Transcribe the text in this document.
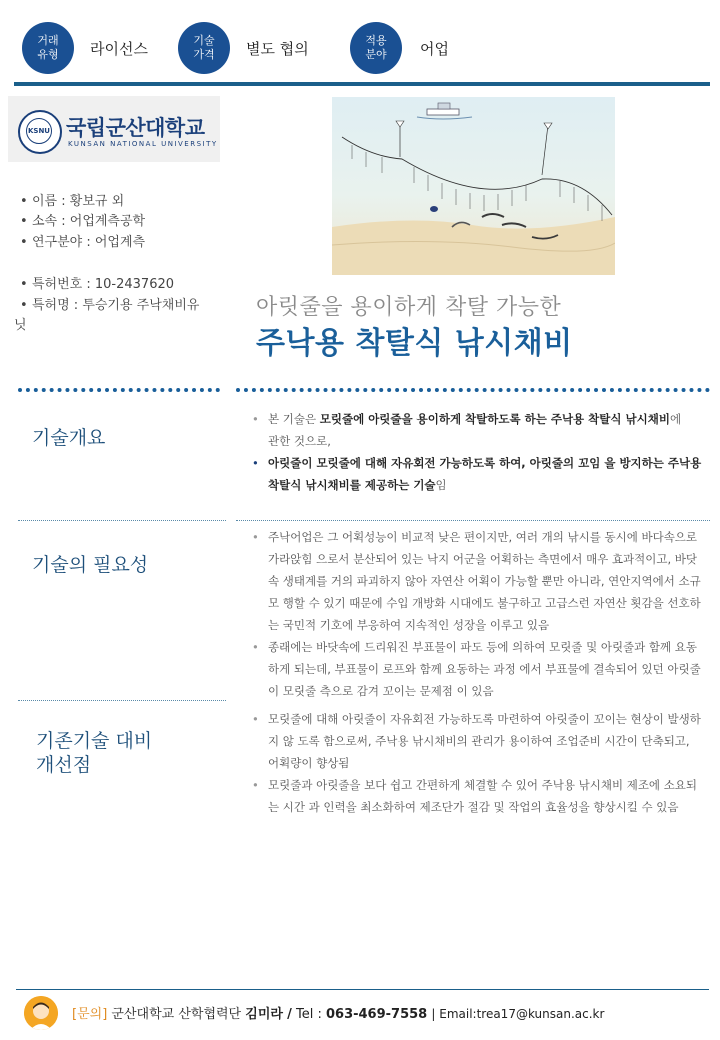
거래
유형 라이선스	기술
가격 별도 협의	적용
분야 어업
KSNU 국립군산대학교
KUNSAN NATIONAL UNIVERSITY
• 이름 : 황보규 외
• 소속 : 어업계측공학
• 연구분야 : 어업계측
• 특허번호 : 10-2437620
• 특허명 : 투승기용 주낙채비유
닛
아릿줄을 용이하게 착탈 가능한
주낙용 착탈식 낚시채비
기술개요
• 본 기술은 모릿줄에 아릿줄을 용이하게 착탈하도록 하는 주낙용 착탈식 낚시채비에
관한 것으로,
• 아릿줄이 모릿줄에 대해 자유회전 가능하도록 하여, 아릿줄의 꼬임 을 방지하는 주낙용 착탈식 낚시채비를 제공하는 기술임
기술의 필요성
• 주낙어업은 그 어획성능이 비교적 낮은 편이지만, 여러 개의 낚시를 동시에 바다속으로 가라앉힘 으로서 분산되어 있는 낙지 어군을 어획하는 측면에서 매우 효과적이고, 바닷속 생태계를 거의 파괴하지 않아 자연산 어획이 가능할 뿐만 아니라, 연안지역에서 소규모 행할 수 있기 때문에 수입 개방화 시대에도 불구하고 고급스런 자연산 횟감을 선호하는 국민적 기호에 부응하여 지속적인 성장을 이루고 있음
• 종래에는 바닷속에 드리워진 부표물이 파도 등에 의하여 모릿줄 및 아릿줄과 함께 요동하게 되는데, 부표물이 로프와 함께 요동하는 과정 에서 부표물에 결속되어 있던 아릿줄이 모릿줄 측으로 감겨 꼬이는 문제점 이 있음
기존기술 대비
개선점
• 모릿줄에 대해 아릿줄이 자유회전 가능하도록 마련하여 아릿줄이 꼬이는 현상이 발생하지 않 도록 함으로써, 주낙용 낚시채비의 관리가 용이하여 조업준비 시간이 단축되고, 어획량이 향상됨
• 모릿줄과 아릿줄을 보다 쉽고 간편하게 체결할 수 있어 주낙용 낚시채비 제조에 소요되는 시간 과 인력을 최소화하여 제조단가 절감 및 작업의 효율성을 향상시킬 수 있음
[문의] 군산대학교 산학협력단 김미라 / Tel : 063-469-7558 | Email:trea17@kunsan.ac.kr
